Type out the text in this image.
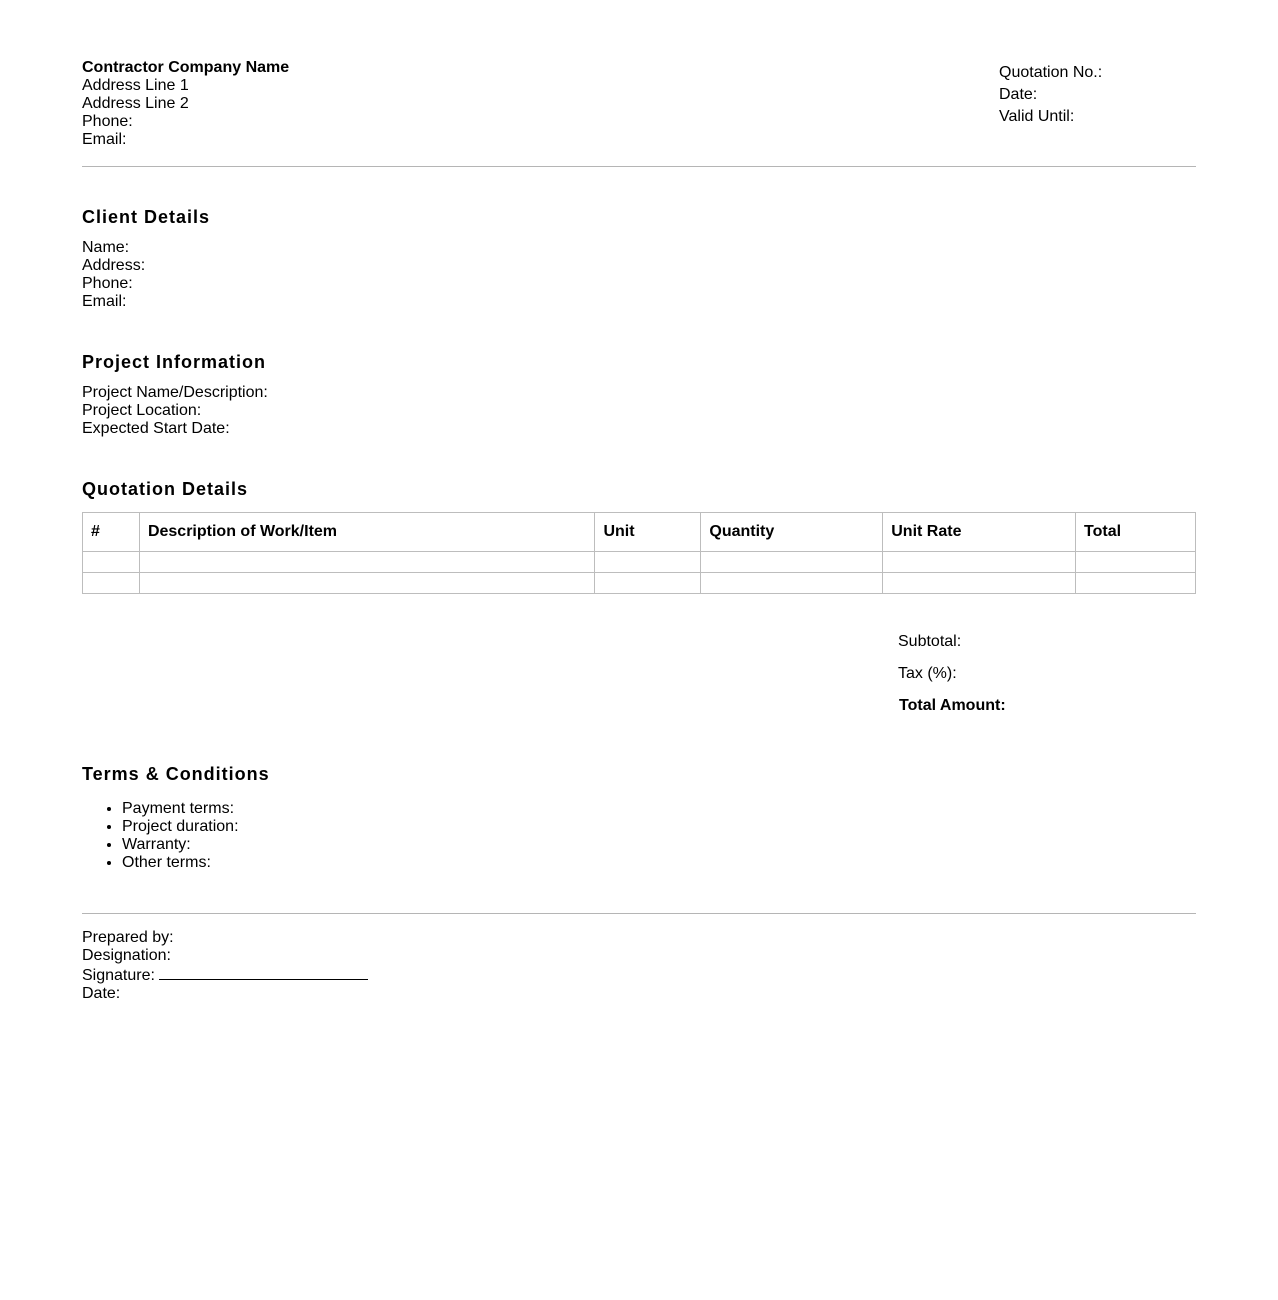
Contractor Company Name
Address Line 1
Address Line 2
Phone:
Email:
Quotation No.:
Date:
Valid Until:
Client Details
Name:
Address:
Phone:
Email:
Project Information
Project Name/Description:
Project Location:
Expected Start Date:
Quotation Details
#	Description of Work/Item	Unit	Quantity	Unit Rate	Total

Subtotal:
Tax (%):
Total Amount:
Terms & Conditions
• Payment terms:
• Project duration:
• Warranty:
• Other terms:
Prepared by:
Designation:
Signature:
Date:
